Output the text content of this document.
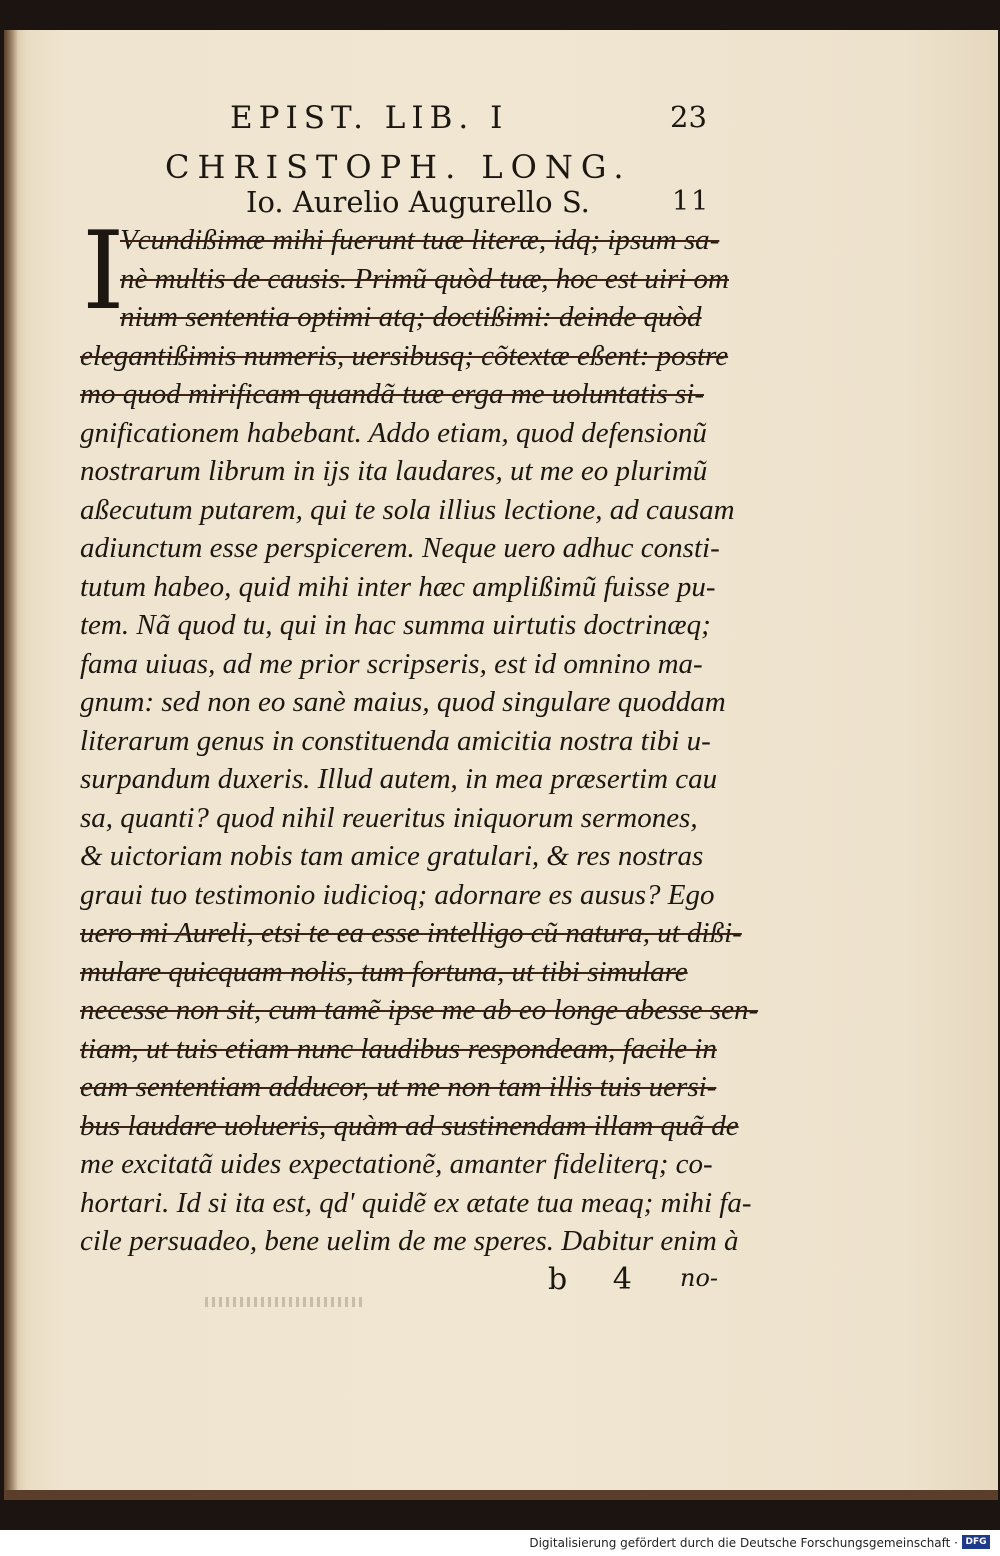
EPIST. LIB. I	23
CHRISTOPH. LONG.
Io. Aurelio Augurello S.	11
I
Vcundißimæ mihi fuerunt tuæ literæ, idq; ipsum sa-
nè multis de causis. Primũ quòd tuæ, hoc est uiri om
nium sententia optimi atq; doctißimi: deinde quòd
elegantißimis numeris, uersibusq; cõtextæ eßent: postre
mo quod mirificam quandã tuæ erga me uoluntatis si-
gnificationem habebant. Addo etiam, quod defensionũ
nostrarum librum in ijs ita laudares, ut me eo plurimũ
aßecutum putarem, qui te sola illius lectione, ad causam
adiunctum esse perspicerem. Neque uero adhuc consti-
tutum habeo, quid mihi inter hæc amplißimũ fuisse pu-
tem. Nã quod tu, qui in hac summa uirtutis doctrinæq;
fama uiuas, ad me prior scripseris, est id omnino ma-
gnum: sed non eo sanè maius, quod singulare quoddam
literarum genus in constituenda amicitia nostra tibi u-
surpandum duxeris. Illud autem, in mea præsertim cau
sa, quanti? quod nihil reueritus iniquorum sermones,
& uictoriam nobis tam amice gratulari, & res nostras
graui tuo testimonio iudicioq; adornare es ausus? Ego
uero mi Aureli, etsi te ea esse intelligo cũ natura, ut dißi-
mulare quicquam nolis, tum fortuna, ut tibi simulare
necesse non sit, cum tamẽ ipse me ab eo longe abesse sen-
tiam, ut tuis etiam nunc laudibus respondeam, facile in
eam sententiam adducor, ut me non tam illis tuis uersi-
bus laudare uolueris, quàm ad sustinendam illam quã de
me excitatã uides expectationẽ, amanter fideliterq; co-
hortari. Id si ita est, qd' quidẽ ex ætate tua meaq; mihi fa-
b 4 no-
cile persuadeo, bene uelim de me speres. Dabitur enim à
Digitalisierung gefördert durch die Deutsche Forschungsgemeinschaft · DFG
